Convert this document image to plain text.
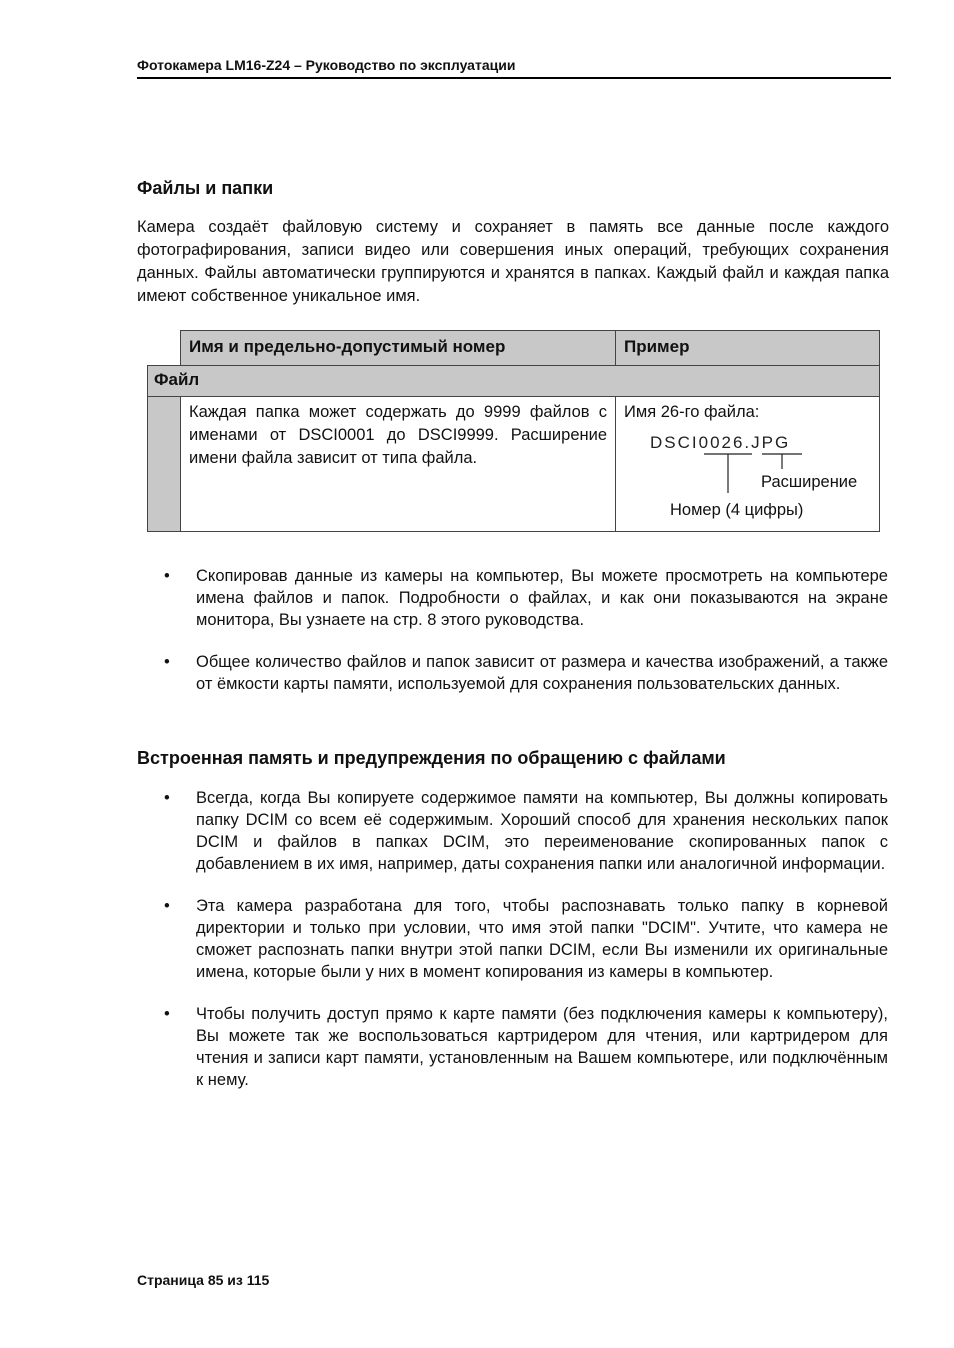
Фотокамера LM16-Z24 – Руководство по эксплуатации
Файлы и папки

Камера создаёт файловую систему и сохраняет в память все данные после каждого фотографирования, записи видео или совершения иных операций, требующих сохранения данных. Файлы автоматически группируются и хранятся в папках. Каждый файл и каждая папка имеют собственное уникальное имя.

	Имя и предельно-допустимый номер	Пример
Файл		
	Каждая папка может содержать до 9999 файлов с именами от DSCI0001 до DSCI9999. Расширение имени файла зависит от типа файла.	Имя 26-го файла:
DSCI0026.JPG
Расширение
Номер (4 цифры)
• Скопировав данные из камеры на компьютер, Вы можете просмотреть на компьютере имена файлов и папок. Подробности о файлах, и как они показываются на экране монитора, Вы узнаете на стр. 8 этого руководства.
• Общее количество файлов и папок зависит от размера и качества изображений, а также от ёмкости карты памяти, используемой для сохранения пользовательских данных.
Встроенная память и предупреждения по обращению с файлами
• Всегда, когда Вы копируете содержимое памяти на компьютер, Вы должны копировать папку DCIM со всем её содержимым. Хороший способ для хранения нескольких папок DCIM и файлов в папках DCIM, это переименование скопированных папок с добавлением в их имя, например, даты сохранения папки или аналогичной информации.
• Эта камера разработана для того, чтобы распознавать только папку в корневой директории и только при условии, что имя этой папки "DCIM". Учтите, что камера не сможет распознать папки внутри этой папки DCIM, если Вы изменили их оригинальные имена, которые были у них в момент копирования из камеры в компьютер.
• Чтобы получить доступ прямо к карте памяти (без подключения камеры к компьютеру), Вы можете так же воспользоваться картридером для чтения, или картридером для чтения и записи карт памяти, установленным на Вашем компьютере, или подключённым к нему.
Страница 85 из 115
